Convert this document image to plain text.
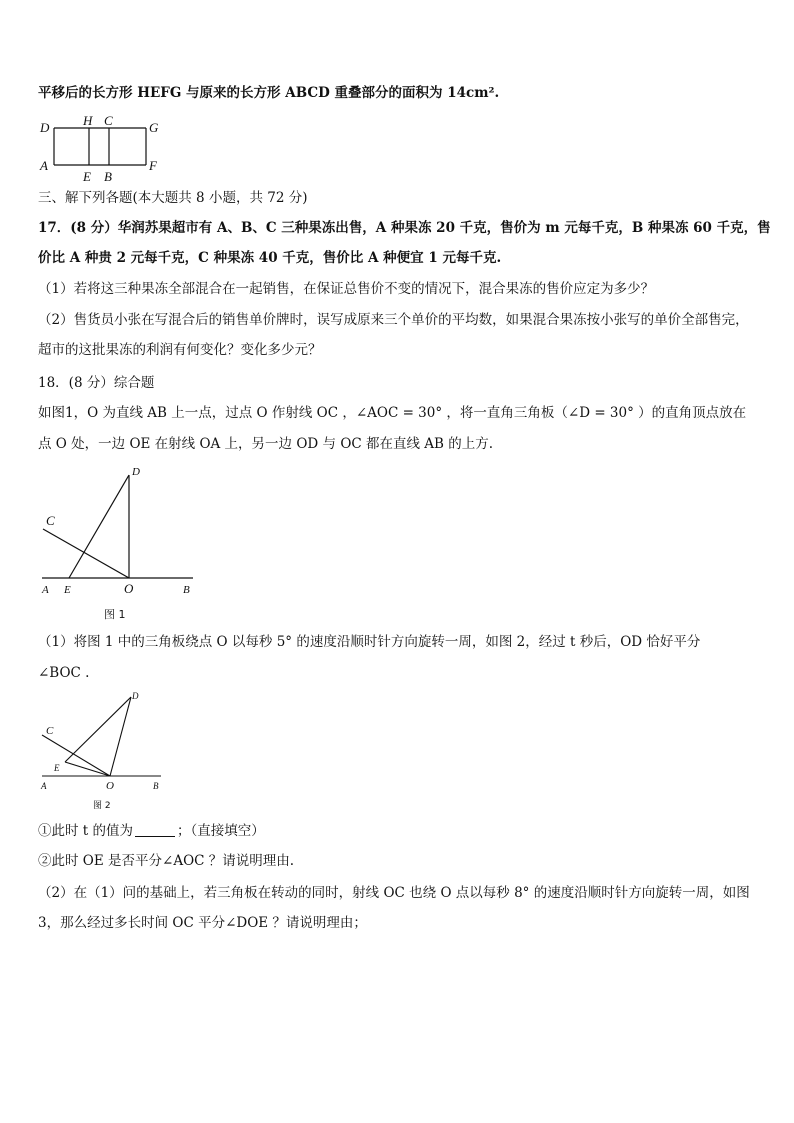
平移后的长方形 HEFG 与原来的长方形 ABCD 重叠部分的面积为 14cm².
D	H C	G
A
E B
F
三、解下列各题(本大题共 8 小题，共 72 分)
17．(8 分）华润苏果超市有 A、B、C 三种果冻出售，A 种果冻 20 千克，售价为 m 元每千克，B 种果冻 60 千克，售
价比 A 种贵 2 元每千克，C 种果冻 40 千克，售价比 A 种便宜 1 元每千克.
（1）若将这三种果冻全部混合在一起销售，在保证总售价不变的情况下，混合果冻的售价应定为多少？
（2）售货员小张在写混合后的销售单价牌时，误写成原来三个单价的平均数，如果混合果冻按小张写的单价全部售完，
超市的这批果冻的利润有何变化？变化多少元？
18．(8 分）综合题
如图1，O 为直线 AB 上一点，过点 O 作射线 OC ，∠AOC = 30° ，将一直角三角板（∠D = 30° ）的直角顶点放在
点 O 处，一边 OE 在射线 OA 上，另一边 OD 与 OC 都在直线 AB 的上方.
D
C
A E	O	B
图 1
（1）将图 1 中的三角板绕点 O 以每秒 5° 的速度沿顺时针方向旋转一周，如图 2，经过 t 秒后，OD 恰好平分
∠BOC .
D
C
E
A	O	B
图 2
①此时 t 的值为	；（直接填空）
②此时 OE 是否平分∠AOC ？请说明理由.
（2）在（1）问的基础上，若三角板在转动的同时，射线 OC 也绕 O 点以每秒 8° 的速度沿顺时针方向旋转一周，如图
3，那么经过多长时间 OC 平分∠DOE ？请说明理由；
